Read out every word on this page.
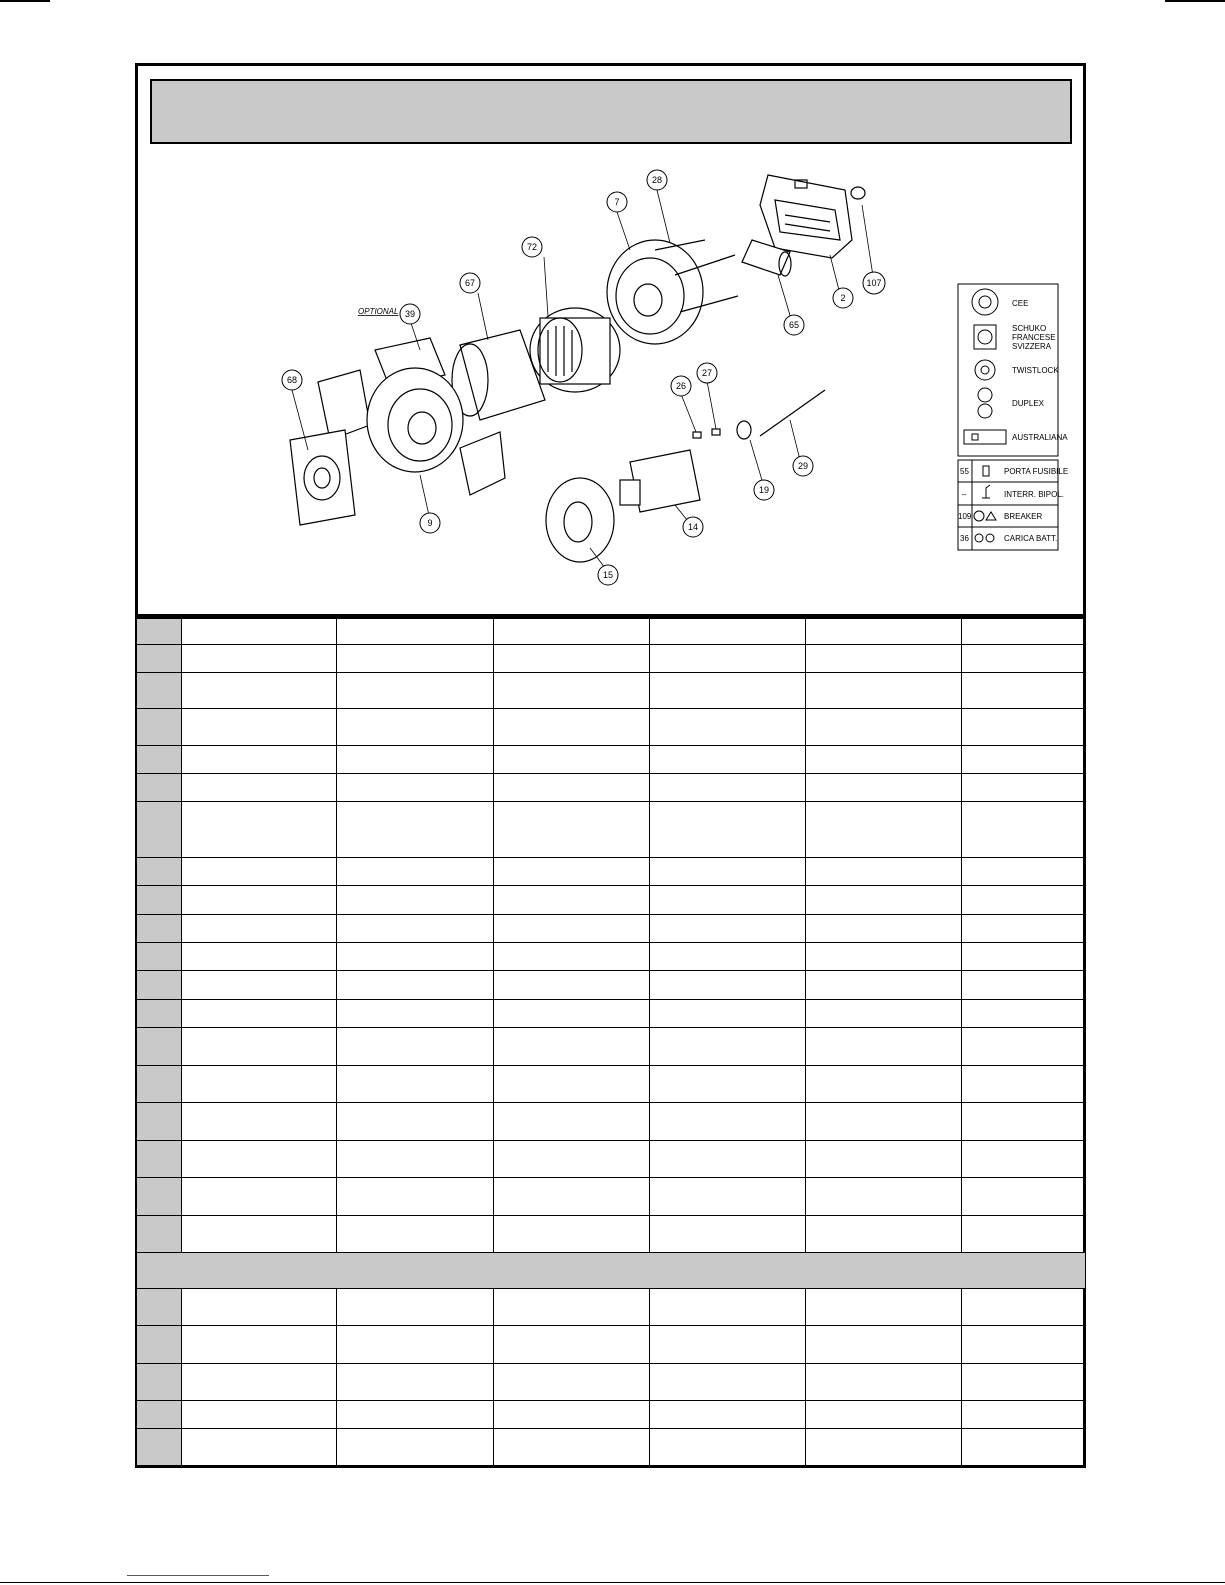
28
7
72
67
39
68
9
2
107
65
26
27
29
19
14
15
OPTIONAL
CEE
SCHUKO FRANCESE SVIZZERA
TWISTLOCK
DUPLEX
AUSTRALIANA
55	PORTA FUSIBILE
–	INTERR. BIPOL.
109	BREAKER
36	CARICA BATT.
